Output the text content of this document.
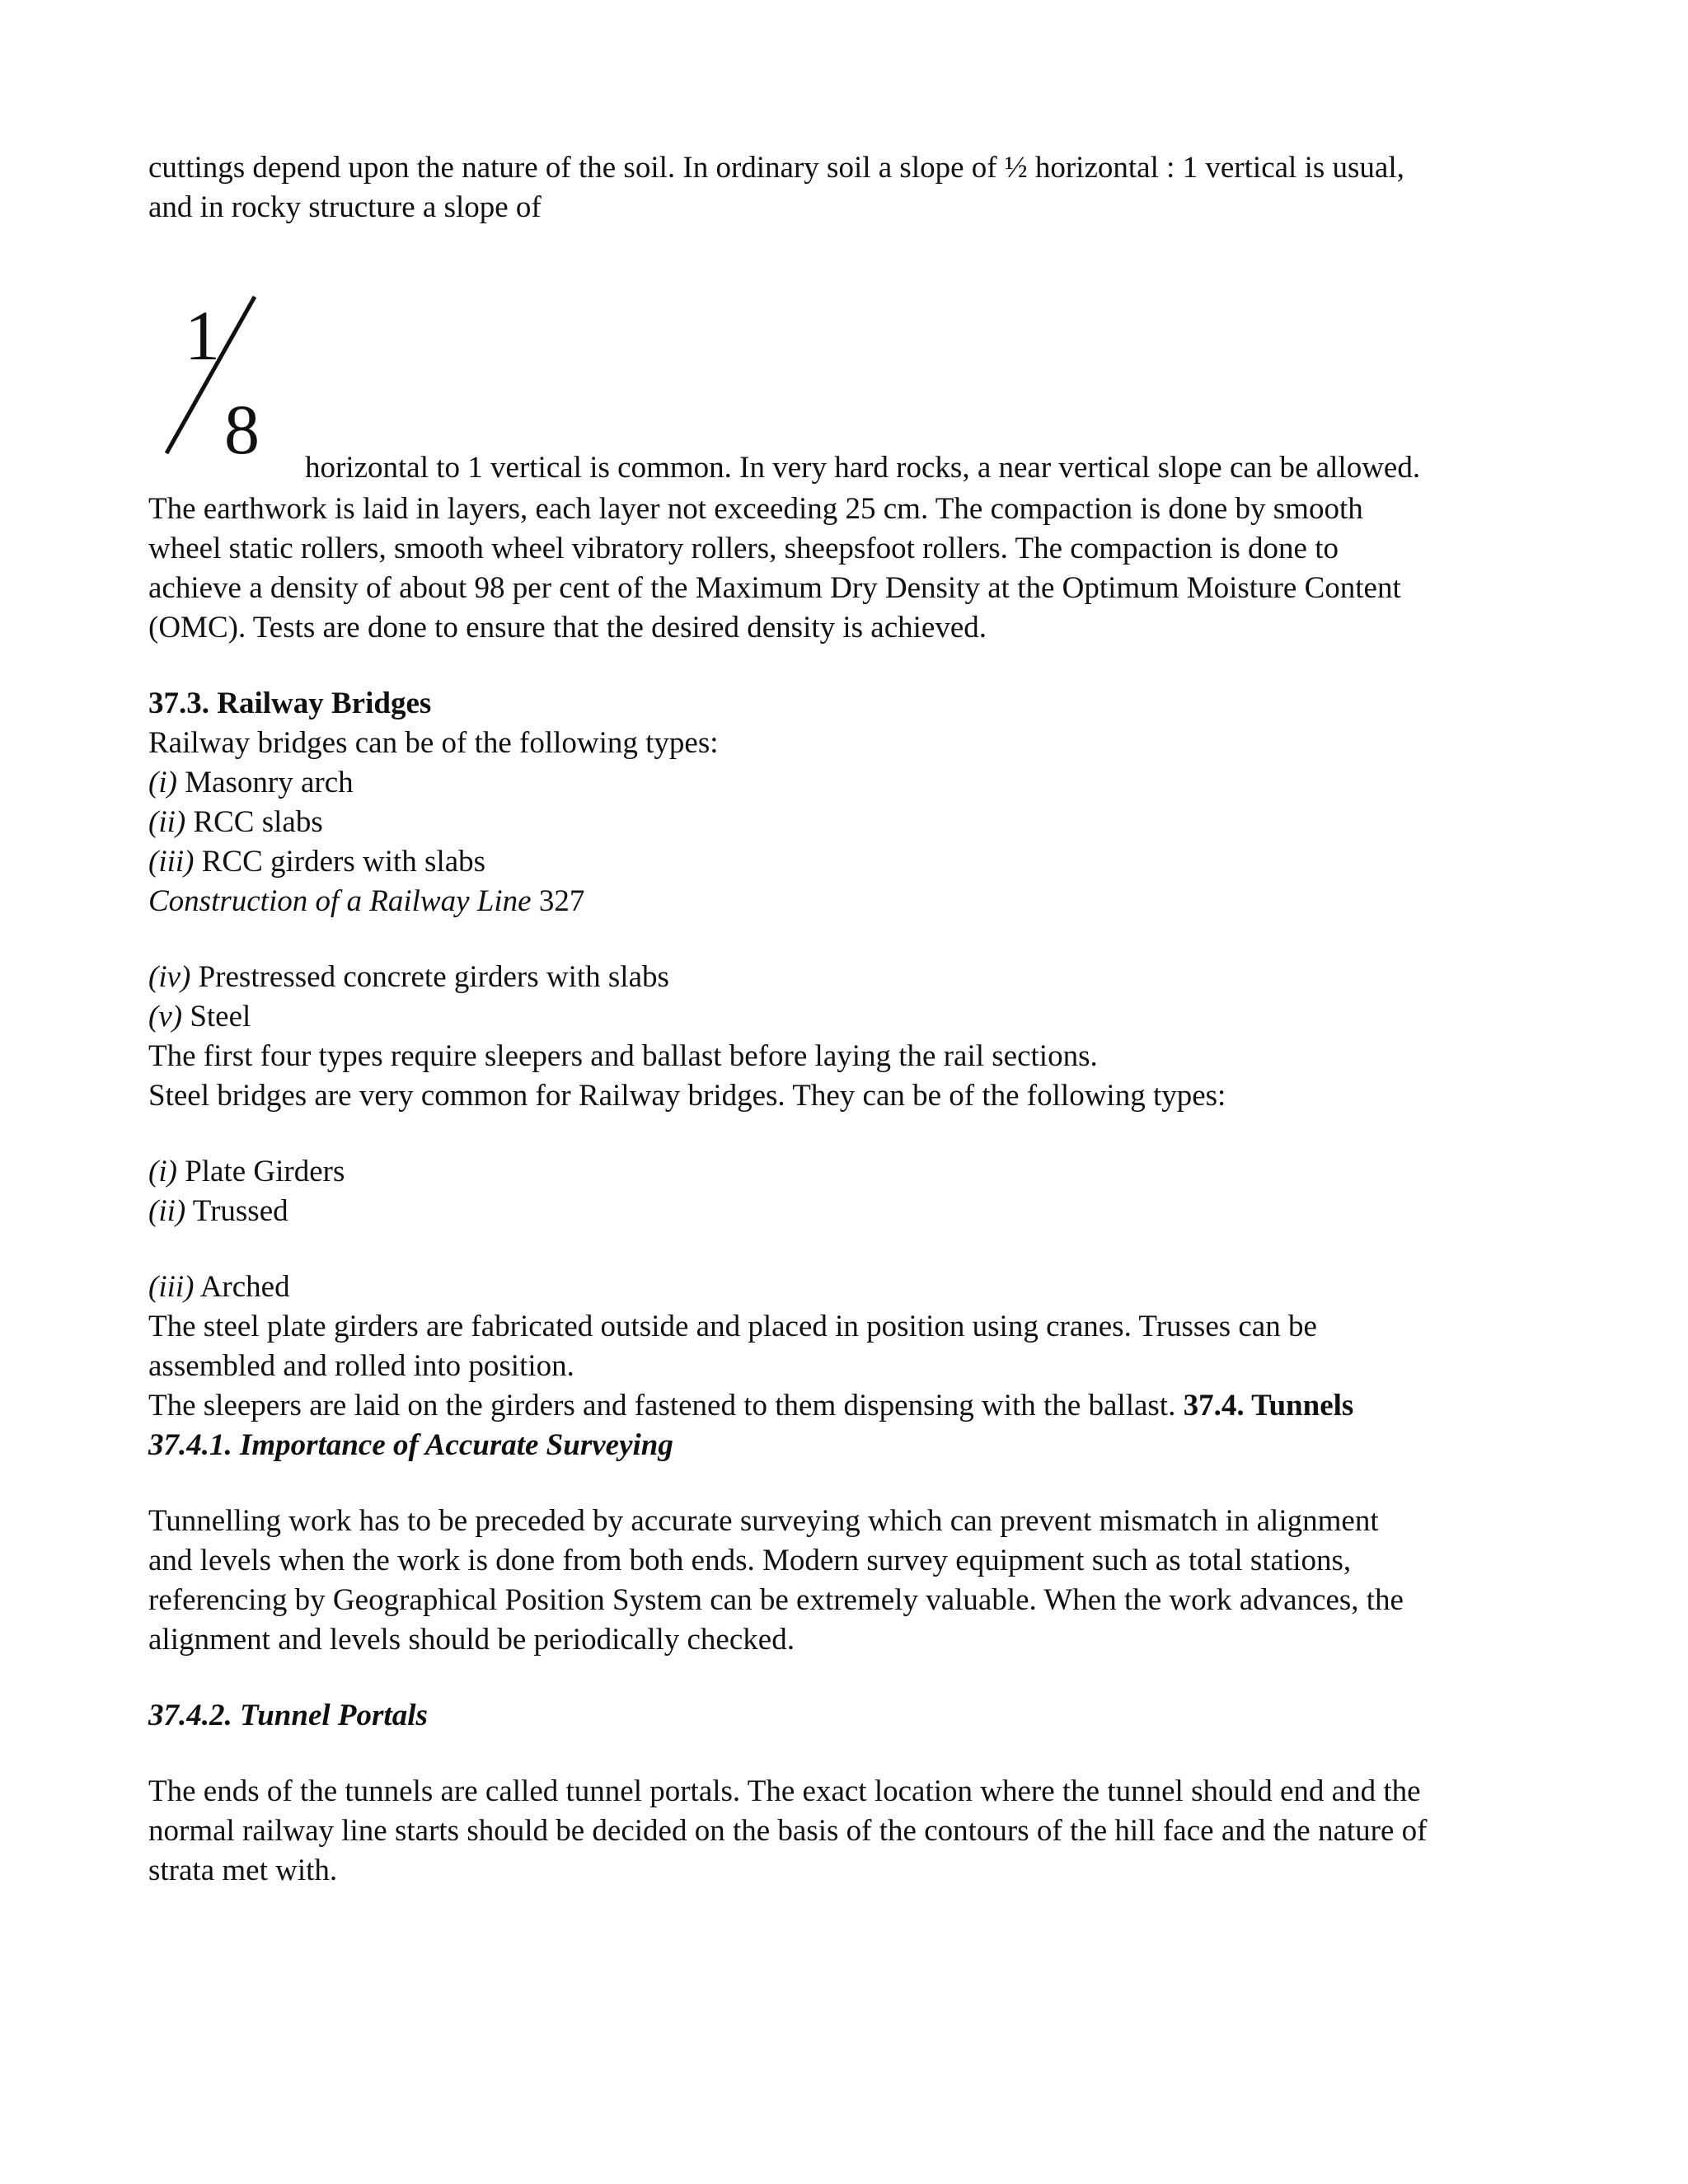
cuttings depend upon the nature of the soil. In ordinary soil a slope of ½ horizontal : 1 vertical is usual,
and in rocky structure a slope of
1
8 horizontal to 1 vertical is common. In very hard rocks, a near vertical slope can be allowed.
The earthwork is laid in layers, each layer not exceeding 25 cm. The compaction is done by smooth
wheel static rollers, smooth wheel vibratory rollers, sheepsfoot rollers. The compaction is done to
achieve a density of about 98 per cent of the Maximum Dry Density at the Optimum Moisture Content
(OMC). Tests are done to ensure that the desired density is achieved.
37.3. Railway Bridges
Railway bridges can be of the following types:
(i) Masonry arch
(ii) RCC slabs
(iii) RCC girders with slabs
Construction of a Railway Line 327
(iv) Prestressed concrete girders with slabs
(v) Steel
The first four types require sleepers and ballast before laying the rail sections.
Steel bridges are very common for Railway bridges. They can be of the following types:
(i) Plate Girders
(ii) Trussed
(iii) Arched
The steel plate girders are fabricated outside and placed in position using cranes. Trusses can be
assembled and rolled into position.
The sleepers are laid on the girders and fastened to them dispensing with the ballast. 37.4. Tunnels
37.4.1. Importance of Accurate Surveying
Tunnelling work has to be preceded by accurate surveying which can prevent mismatch in alignment
and levels when the work is done from both ends. Modern survey equipment such as total stations,
referencing by Geographical Position System can be extremely valuable. When the work advances, the
alignment and levels should be periodically checked.
37.4.2. Tunnel Portals
The ends of the tunnels are called tunnel portals. The exact location where the tunnel should end and the
normal railway line starts should be decided on the basis of the contours of the hill face and the nature of
strata met with.
